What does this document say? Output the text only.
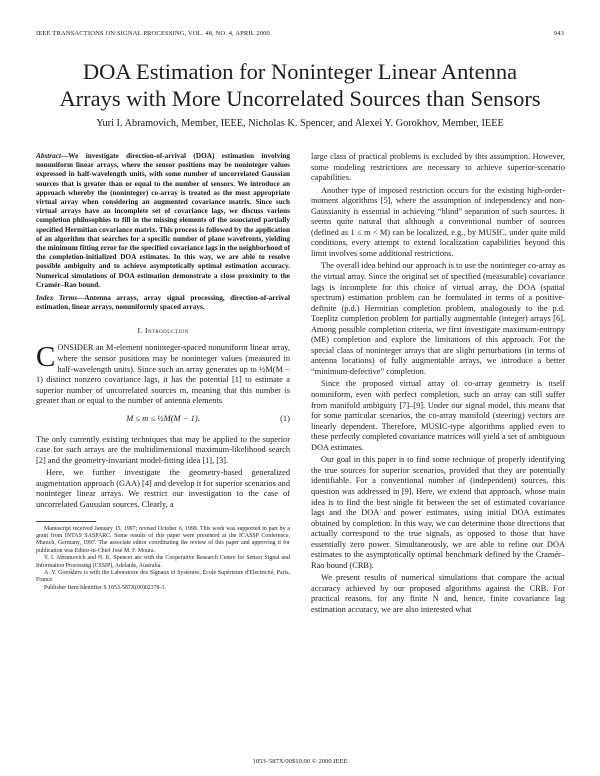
IEEE TRANSACTIONS ON SIGNAL PROCESSING, VOL. 48, NO. 4, APRIL 2000	943
DOA Estimation for Noninteger Linear Antenna
Arrays with More Uncorrelated Sources than Sensors
Yuri I. Abramovich, Member, IEEE, Nicholas K. Spencer, and Alexei Y. Gorokhov, Member, IEEE

Abstract—We investigate direction-of-arrival (DOA) estimation involving nonuniform linear arrays, where the sensor positions may be noninteger values expressed in half-wavelength units, with some number of uncorrelated Gaussian sources that is greater than or equal to the number of sensors. We introduce an approach whereby the (noninteger) co-array is treated as the most appropriate virtual array when considering an augmented covariance matrix. Since such virtual arrays have an incomplete set of covariance lags, we discuss various completion philosophies to fill in the missing elements of the associated partially specified Hermitian covariance matrix. This process is followed by the application of an algorithm that searches for a specific number of plane wavefronts, yielding the minimum fitting error for the specified covariance lags in the neighborhood of the completion-initialized DOA estimates. In this way, we are able to resolve possible ambiguity and to achieve asymptotically optimal estimation accuracy. Numerical simulations of DOA estimation demonstrate a close proximity to the Cramér–Rao bound.

Index Terms—Antenna arrays, array signal processing, direction-of-arrival estimation, linear arrays, nonuniformly spaced arrays.

I. Introduction

CONSIDER an M-element noninteger-spaced nonuniform linear array, where the sensor positions may be noninteger values (measured in half-wavelength units). Since such an array generates up to ½M(M − 1) distinct nonzero covariance lags, it has the potential [1] to estimate a superior number of uncorrelated sources m, meaning that this number is greater than or equal to the number of antenna elements

M ≤ m ≤ ½M(M − 1).	(1)

The only currently existing techniques that may be applied to the superior case for such arrays are the multidimensional maximum-likelihood search [2] and the geometry-invariant model-fitting idea [1], [3].

Here, we further investigate the geometry-based generalized augmentation approach (GAA) [4] and develop it for superior scenarios and noninteger linear arrays. We restrict our investigation to the case of uncorrelated Gaussian sources. Clearly, a

Manuscript received January 15, 1997; revised October 6, 1999. This work was supported in part by a grant from INTAS SASPARC. Some results of this paper were presented at the ICASSP Conference, Munich, Germany, 1997. The associate editor coordinating the review of this paper and approving it for publication was Editor-in-Chief José M. F. Moura.

Y. I. Abramovich and N. K. Spencer are with the Cooperative Research Centre for Sensor Signal and Information Processing (CSSIP), Adelaide, Australia.

A. Y. Gorokhov is with the Laboratoire des Signaux et Systèmes, École Supérieure d'Electricité, Paris, France.

Publisher Item Identifier S 1053-587X(00)02378-3.

large class of practical problems is excluded by this assumption. However, some modeling restrictions are necessary to achieve superior-scenario capabilities.

Another type of imposed restriction occurs for the existing high-order-moment algorithms [5], where the assumption of independency and non-Gaussianity is essential in achieving “blind” separation of such sources. It seems quite natural that although a conventional number of sources (defined as 1 ≤ m < M) can be localized, e.g., by MUSIC, under quite mild conditions, every attempt to extend localization capabilities beyond this limit involves some additional restrictions.

The overall idea behind our approach is to use the noninteger co-array as the virtual array. Since the original set of specified (measurable) covariance lags is incomplete for this choice of virtual array, the DOA (spatial spectrum) estimation problem can be formulated in terms of a positive-definite (p.d.) Hermitian completion problem, analogously to the p.d. Toeplitz completion problem for partially augmentable (integer) arrays [6]. Among possible completion criteria, we first investigate maximum-entropy (ME) completion and explore the limitations of this approach. For the special class of noninteger arrays that are slight perturbations (in terms of antenna locations) of fully augmentable arrays, we introduce a better “minimum-defective” completion.

Since the proposed virtual array of co-array geometry is itself nonuniform, even with perfect completion, such an array can still suffer from manifold ambiguity [7]–[9]. Under our signal model, this means that for some particular scenarios, the co-array manifold (steering) vectors are linearly dependent. Therefore, MUSIC-type algorithms applied even to these perfectly completed covariance matrices will yield a set of ambiguous DOA estimates.

Our goal in this paper is to find some technique of properly identifying the true sources for superior scenarios, provided that they are potentially identifiable. For a conventional number of (independent) sources, this question was addressed in [9]. Here, we extend that approach, whose main idea is to find the best single fit between the set of estimated covariance lags and the DOA and power estimates, using initial DOA estimates obtained by completion. In this way, we can determine those directions that actually correspond to the true signals, as opposed to those that have essentially zero power. Simultaneously, we are able to refine our DOA estimates to the asymptotically optimal benchmark defined by the Cramér–Rao bound (CRB).

We present results of numerical simulations that compare the actual accuracy achieved by our proposed algorithms against the CRB. For practical reasons, for any finite N and, hence, finite covariance lag estimation accuracy, we are also interested what

1053–587X/00$10.00 © 2000 IEEE
